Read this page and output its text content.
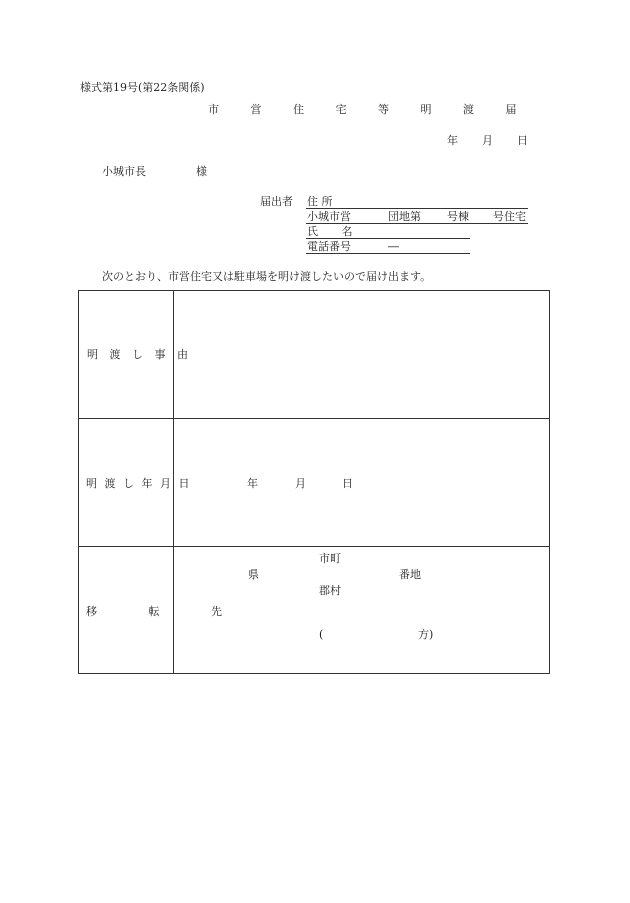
様式第19号(第22条関係)
市 営 住 宅 等 明 渡 届
年 月 日
小城市長	様
届出者 住 所
小城市営	団地第 号棟 号住宅
氏 名
電話番号	―
次のとおり、市営住宅又は駐車場を明け渡したいので届け出ます。
明 渡 し 事 由
明 渡 し 年 月 日	年	月	日
移 転 先
市町
県	番地
郡村
(	方)
